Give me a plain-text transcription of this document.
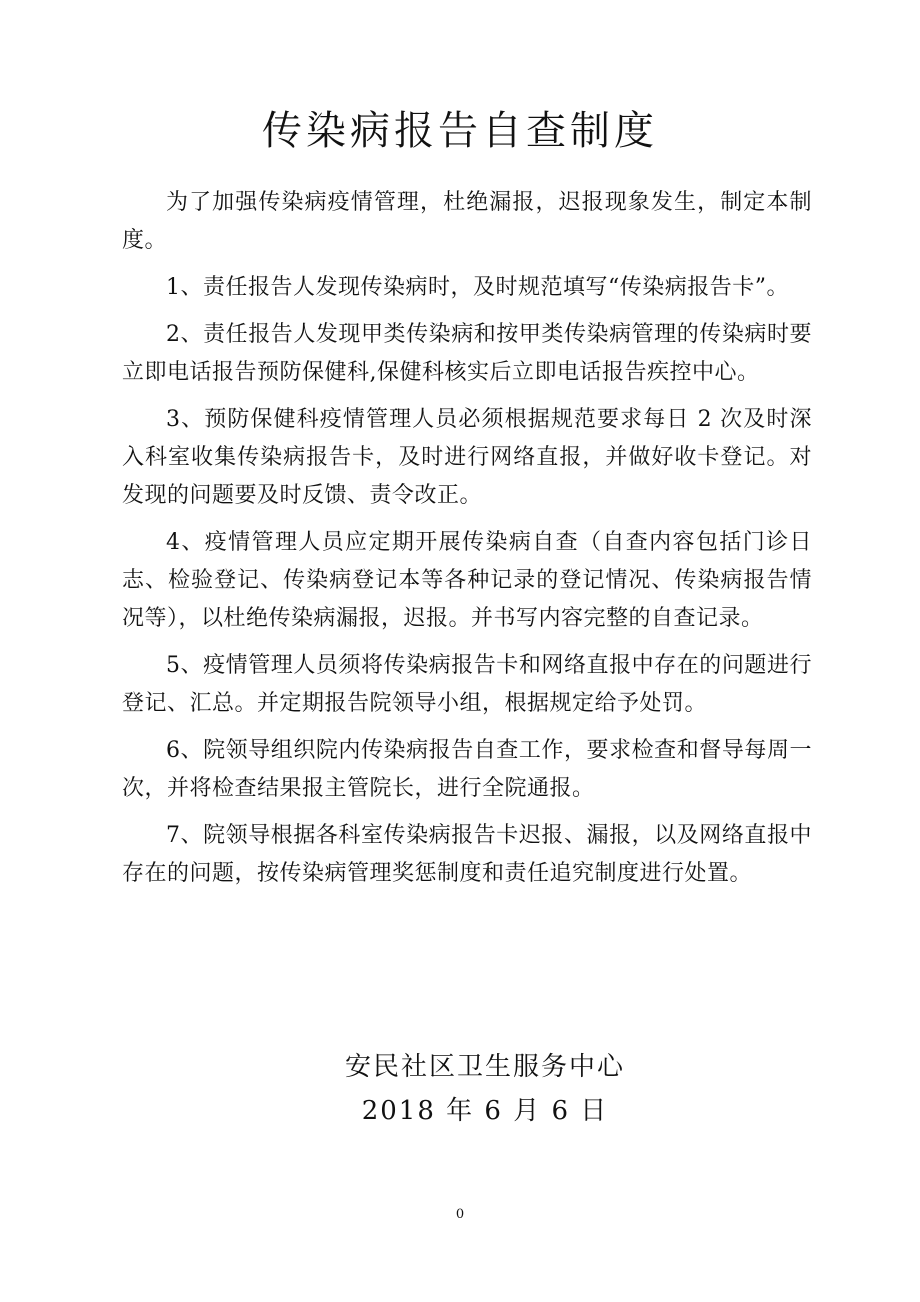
传染病报告自查制度

为了加强传染病疫情管理，杜绝漏报，迟报现象发生，制定本制度。

1、责任报告人发现传染病时，及时规范填写“传染病报告卡”。

2、责任报告人发现甲类传染病和按甲类传染病管理的传染病时要立即电话报告预防保健科,保健科核实后立即电话报告疾控中心。

3、预防保健科疫情管理人员必须根据规范要求每日 2 次及时深入科室收集传染病报告卡，及时进行网络直报，并做好收卡登记。对发现的问题要及时反馈、责令改正。

4、疫情管理人员应定期开展传染病自查（自查内容包括门诊日志、检验登记、传染病登记本等各种记录的登记情况、传染病报告情况等），以杜绝传染病漏报，迟报。并书写内容完整的自查记录。

5、疫情管理人员须将传染病报告卡和网络直报中存在的问题进行登记、汇总。并定期报告院领导小组，根据规定给予处罚。

6、院领导组织院内传染病报告自查工作，要求检查和督导每周一次，并将检查结果报主管院长，进行全院通报。

7、院领导根据各科室传染病报告卡迟报、漏报，以及网络直报中存在的问题，按传染病管理奖惩制度和责任追究制度进行处置。

安民社区卫生服务中心
2018 年 6 月 6 日
0
